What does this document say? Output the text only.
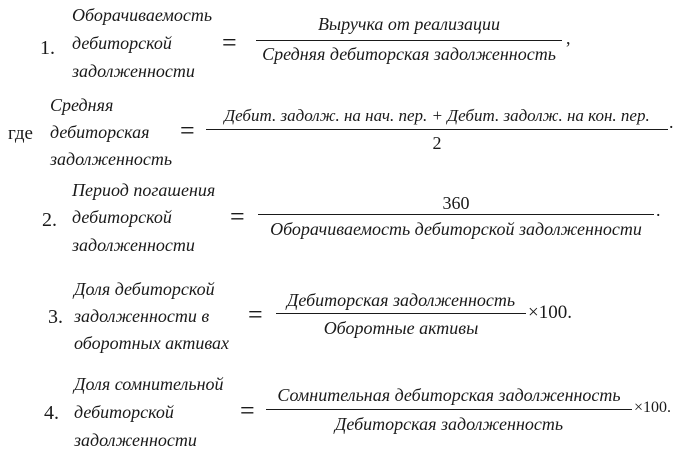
1.
Оборачиваемость
дебиторской
задолженности
=
Выручка от реализации
Средняя дебиторская задолженность
,
где
Средняя
дебиторская
задолженность
=
Дебит. задолж. на нач. пер. + Дебит. задолж. на кон. пер.
2
.
2.
Период погашения
дебиторской
задолженности
=	360
Оборачиваемость дебиторской задолженности
.
3.
Доля дебиторской
задолженности в
оборотных активах
=	Дебиторская задолженность
Оборотные активы
×100.
4.
Доля сомнительной
дебиторской
задолженности
=
Сомнительная дебиторская задолженность
Дебиторская задолженность
×100.
